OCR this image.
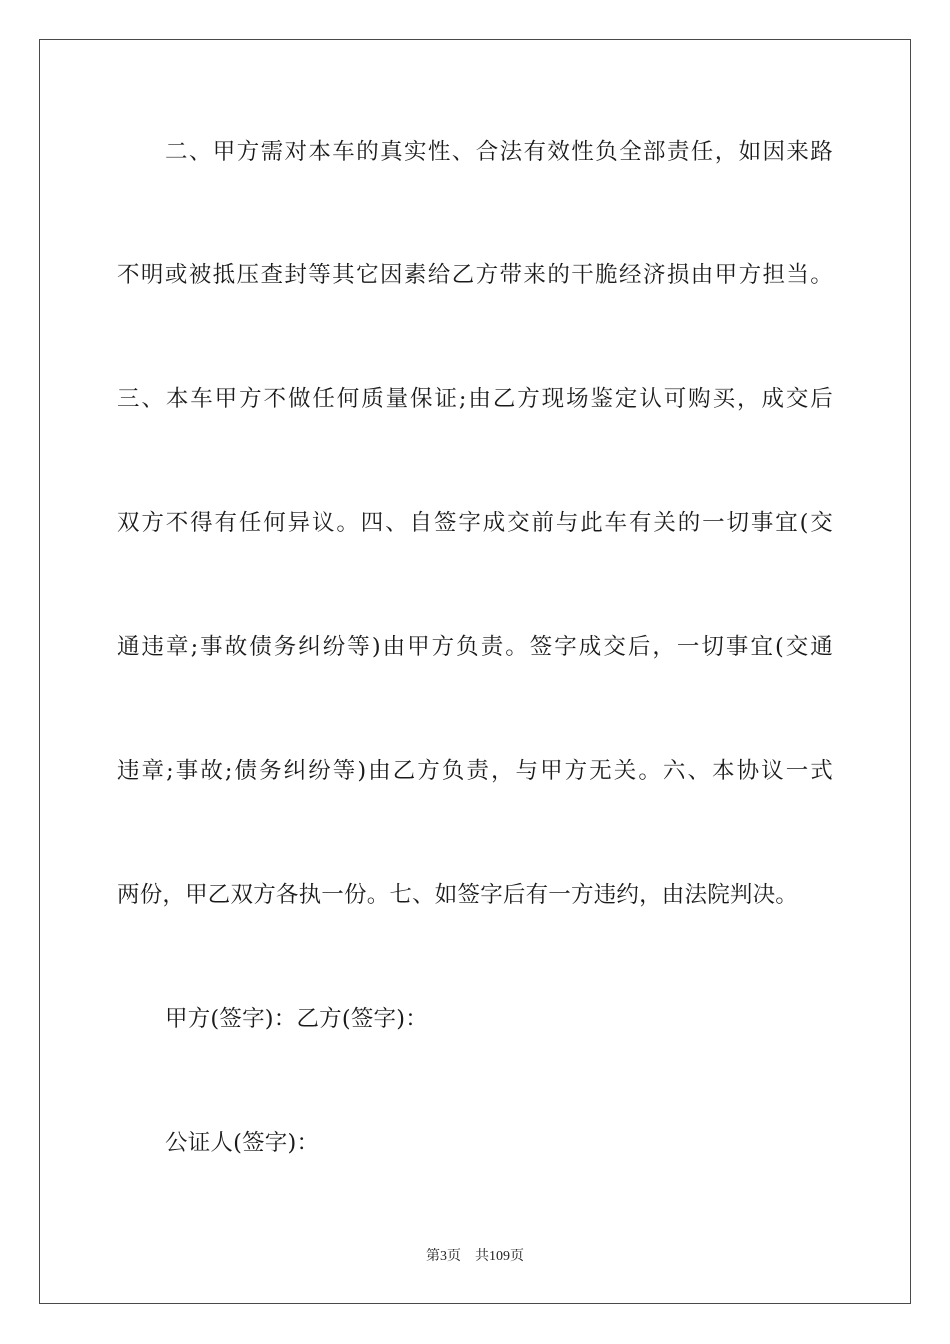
二、甲方需对本车的真实性、合法有效性负全部责任，如因来路
不明或被抵压查封等其它因素给乙方带来的干脆经济损由甲方担当。
三、本车甲方不做任何质量保证;由乙方现场鉴定认可购买，成交后
双方不得有任何异议。四、自签字成交前与此车有关的一切事宜(交
通违章;事故债务纠纷等)由甲方负责。签字成交后，一切事宜(交通
违章;事故;债务纠纷等)由乙方负责，与甲方无关。六、本协议一式
两份，甲乙双方各执一份。七、如签字后有一方违约，由法院判决。
甲方(签字)：乙方(签字)：
公证人(签字)：
第3页 共109页
